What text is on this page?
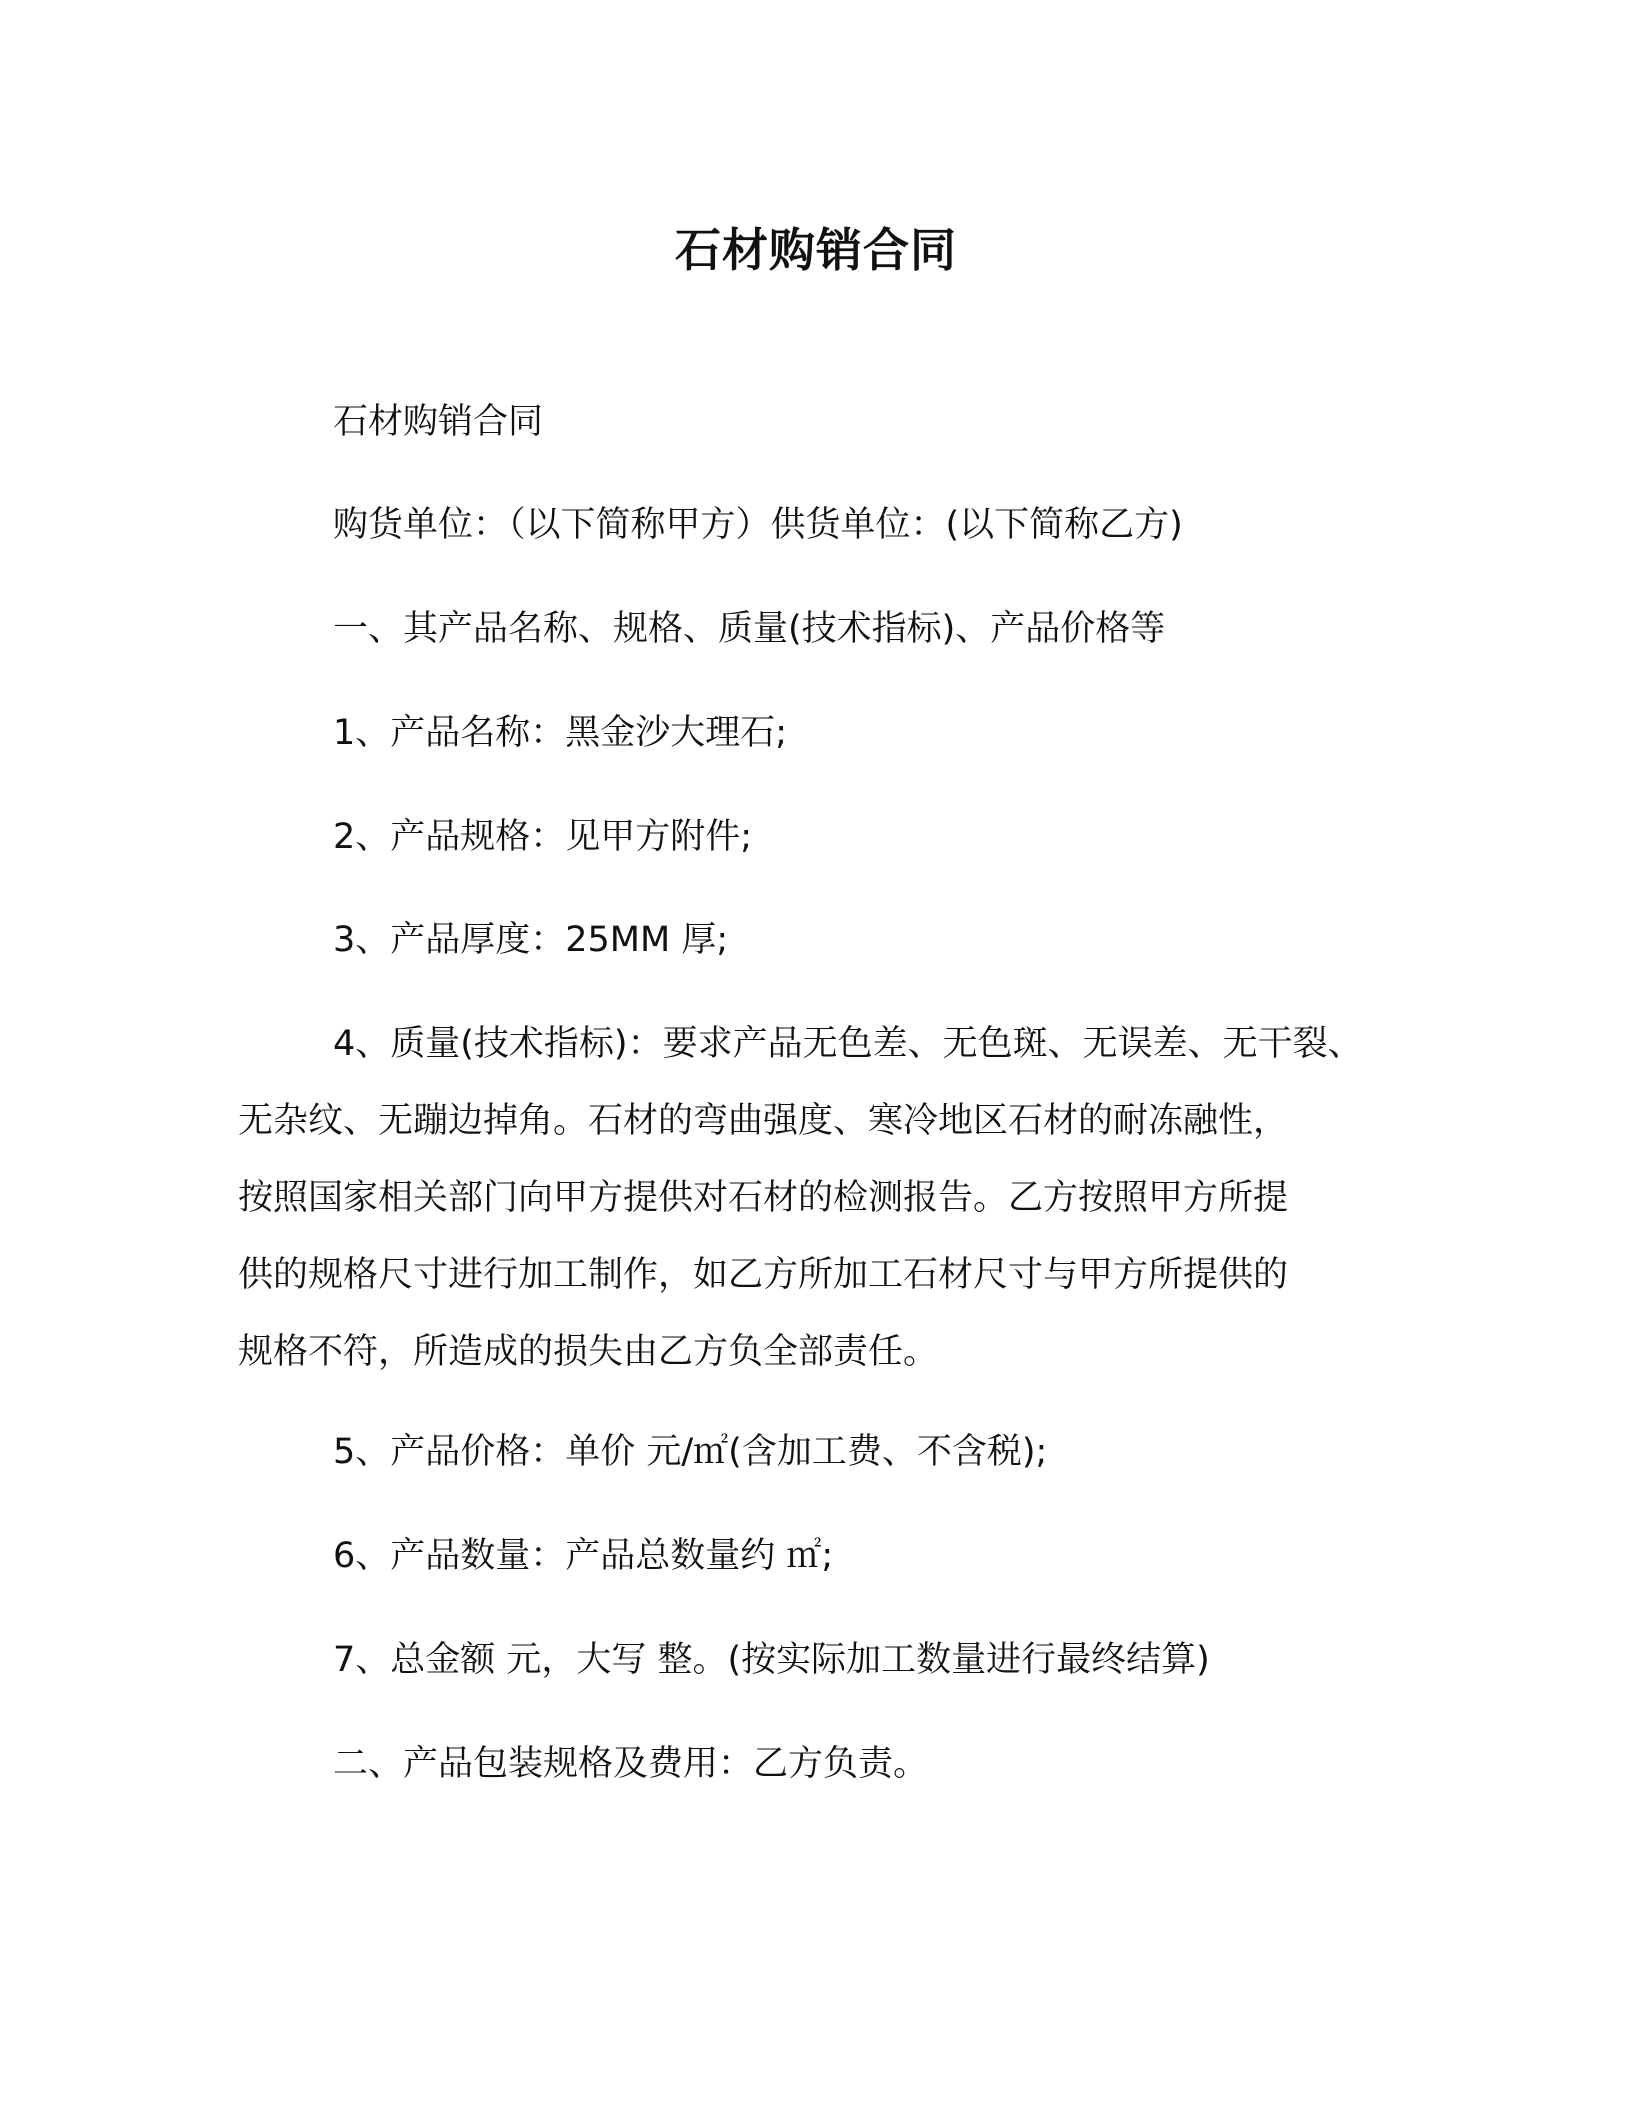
石材购销合同
石材购销合同
购货单位：（以下简称甲方）供货单位：(以下简称乙方)
一、其产品名称、规格、质量(技术指标)、产品价格等
1、产品名称：黑金沙大理石;
2、产品规格：见甲方附件;
3、产品厚度：25MM 厚;
4、质量(技术指标)：要求产品无色差、无色斑、无误差、无干裂、
无杂纹、无蹦边掉角。石材的弯曲强度、寒冷地区石材的耐冻融性，
按照国家相关部门向甲方提供对石材的检测报告。乙方按照甲方所提
供的规格尺寸进行加工制作，如乙方所加工石材尺寸与甲方所提供的
规格不符，所造成的损失由乙方负全部责任。
5、产品价格：单价 元/㎡(含加工费、不含税);
6、产品数量：产品总数量约 ㎡;
7、总金额 元，大写 整。(按实际加工数量进行最终结算)
二、产品包装规格及费用：乙方负责。
